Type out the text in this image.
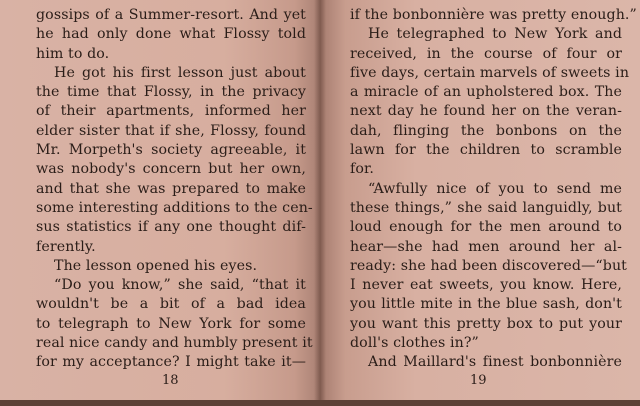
gossips of a Summer-resort. And yet
he had only done what Flossy told
him to do.
He got his first lesson just about
the time that Flossy, in the privacy
of their apartments, informed her
elder sister that if she, Flossy, found
Mr. Morpeth's society agreeable, it
was nobody's concern but her own,
and that she was prepared to make
some interesting additions to the cen-
sus statistics if any one thought dif-
ferently.
The lesson opened his eyes.
“Do you know,” she said, “that it
wouldn't be a bit of a bad idea
to telegraph to New York for some
real nice candy and humbly present it
for my acceptance? I might take it—
18
if the bonbonnière was pretty enough.”
He telegraphed to New York and
received, in the course of four or
five days, certain marvels of sweets in
a miracle of an upholstered box. The
next day he found her on the veran-
dah, flinging the bonbons on the
lawn for the children to scramble
for.
“Awfully nice of you to send me
these things,” she said languidly, but
loud enough for the men around to
hear—she had men around her al-
ready: she had been discovered—“but
I never eat sweets, you know. Here,
you little mite in the blue sash, don't
you want this pretty box to put your
doll's clothes in?”
And Maillard's finest bonbonnière
19
